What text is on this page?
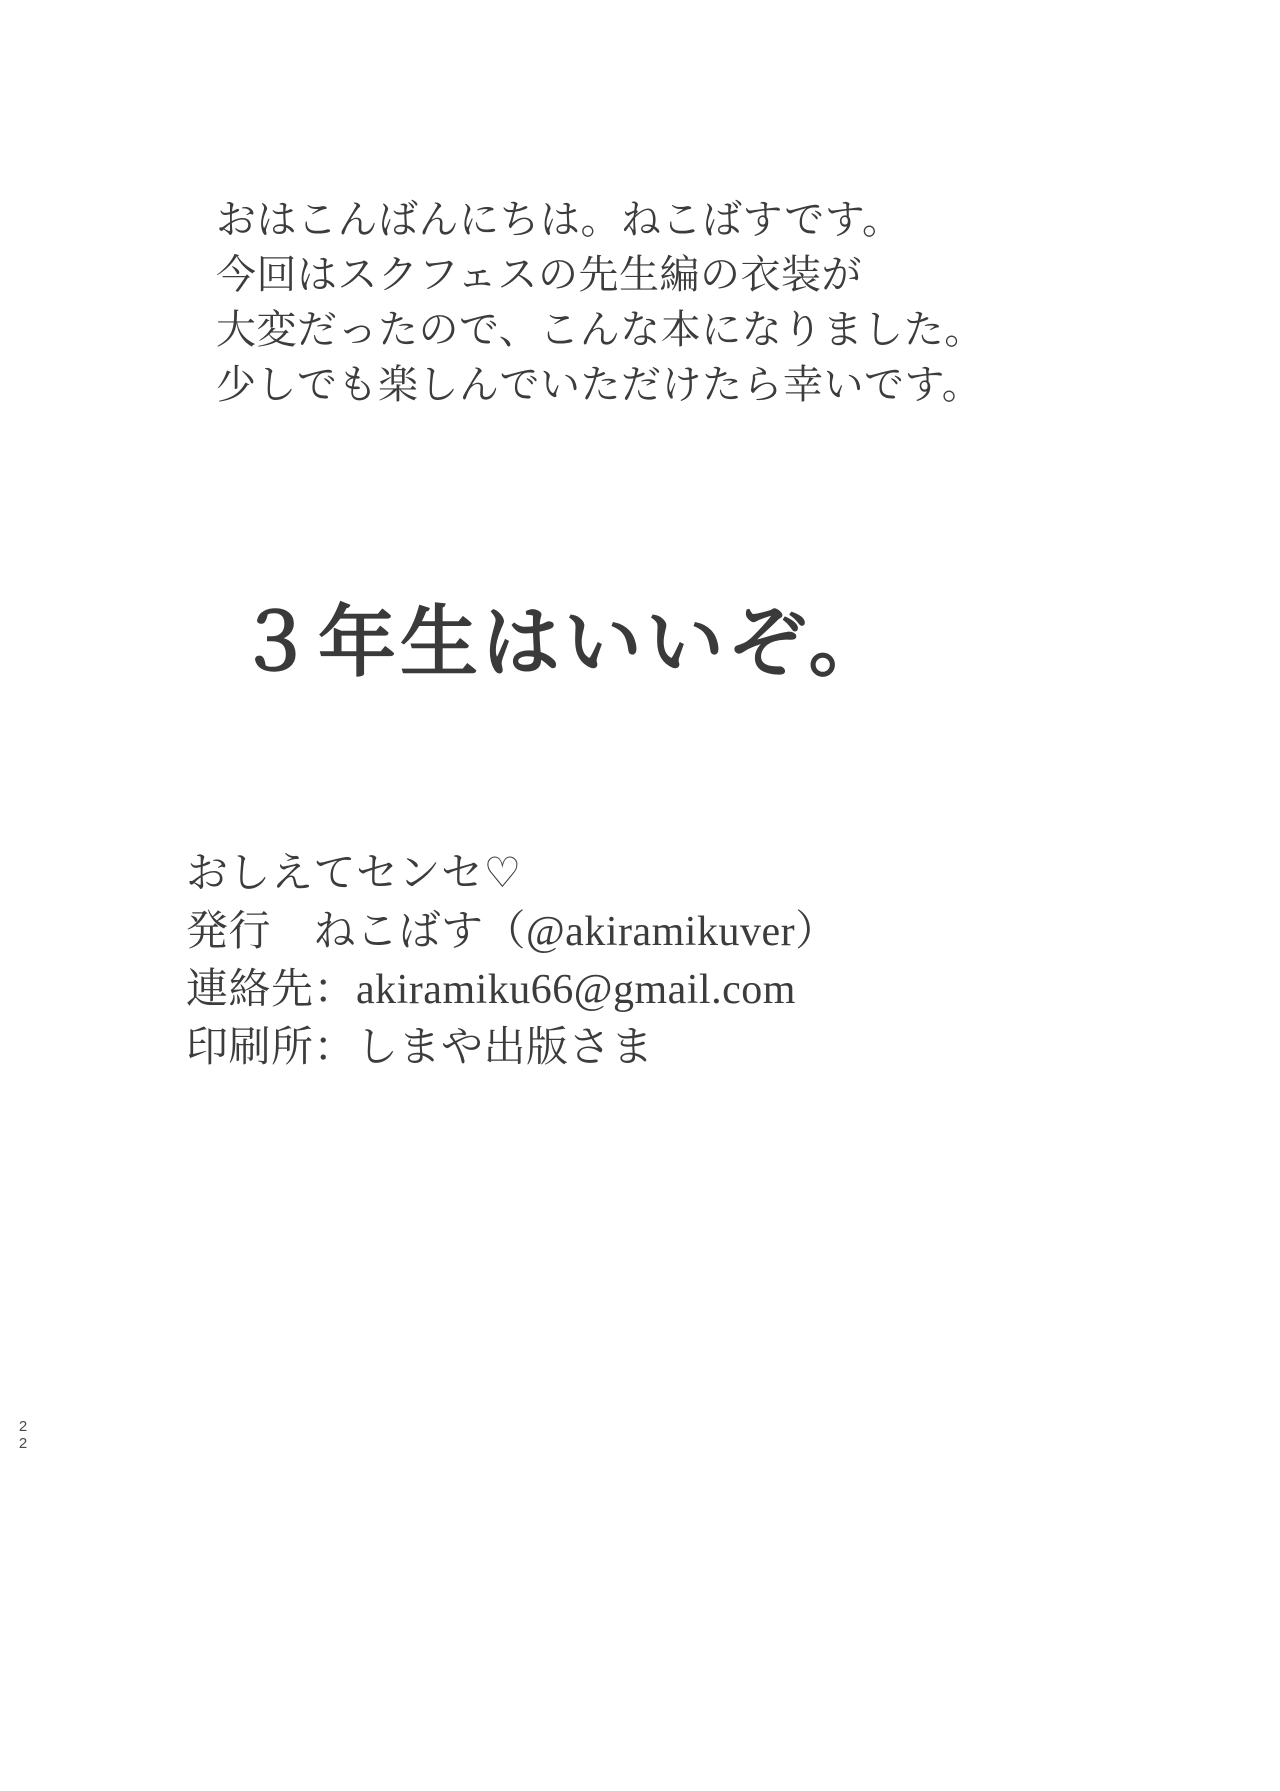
おはこんばんにちは。ねこばすです。
今回はスクフェスの先生編の衣装が
大変だったので、こんな本になりました。
少しでも楽しんでいただけたら幸いです。
３年生はいいぞ。
おしえてセンセ♡
発行　ねこばす（@akiramikuver）
連絡先：akiramiku66@gmail.com
印刷所：しまや出版さま
2
2
